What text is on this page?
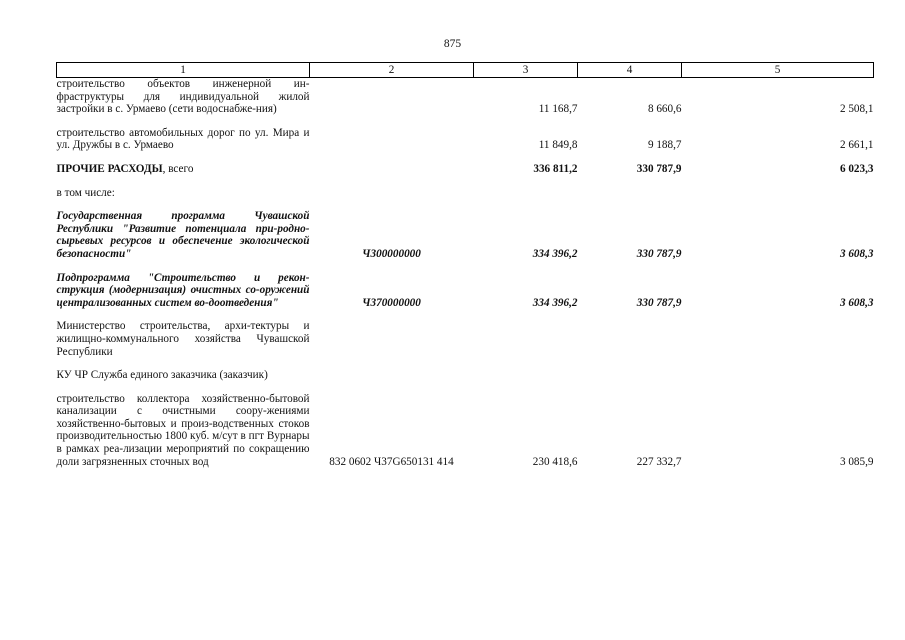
875
1	2	3	4	5
строительство объектов инженерной ин-фраструктуры для индивидуальной жилой застройки в с. Урмаево (сети водоснабже-ния)		11 168,7	8 660,6	2 508,1

строительство автомобильных дорог по ул. Мира и ул. Дружбы в с. Урмаево		11 849,8	9 188,7	2 661,1

ПРОЧИЕ РАСХОДЫ, всего		336 811,2	330 787,9	6 023,3

в том числе:				

Государственная программа Чувашской Республики "Развитие потенциала при-родно-сырьевых ресурсов и обеспечение экологической безопасности"	Ч300000000	334 396,2	330 787,9	3 608,3

Подпрограмма "Строительство и рекон-струкция (модернизация) очистных со-оружений централизованных систем во-доотведения"	Ч370000000	334 396,2	330 787,9	3 608,3

Министерство строительства, архи-тектуры и жилищно-коммунального хозяйства Чувашской Республики				

КУ ЧР Служба единого заказчика (заказчик)				

строительство коллектора хозяйственно-бытовой канализации с очистными соору-жениями хозяйственно-бытовых и произ-водственных стоков производительностью 1800 куб. м/сут в пгт Вурнары в рамках реа-лизации мероприятий по сокращению доли загрязненных сточных вод	832 0602 Ч37G650131 414	230 418,6	227 332,7	3 085,9
